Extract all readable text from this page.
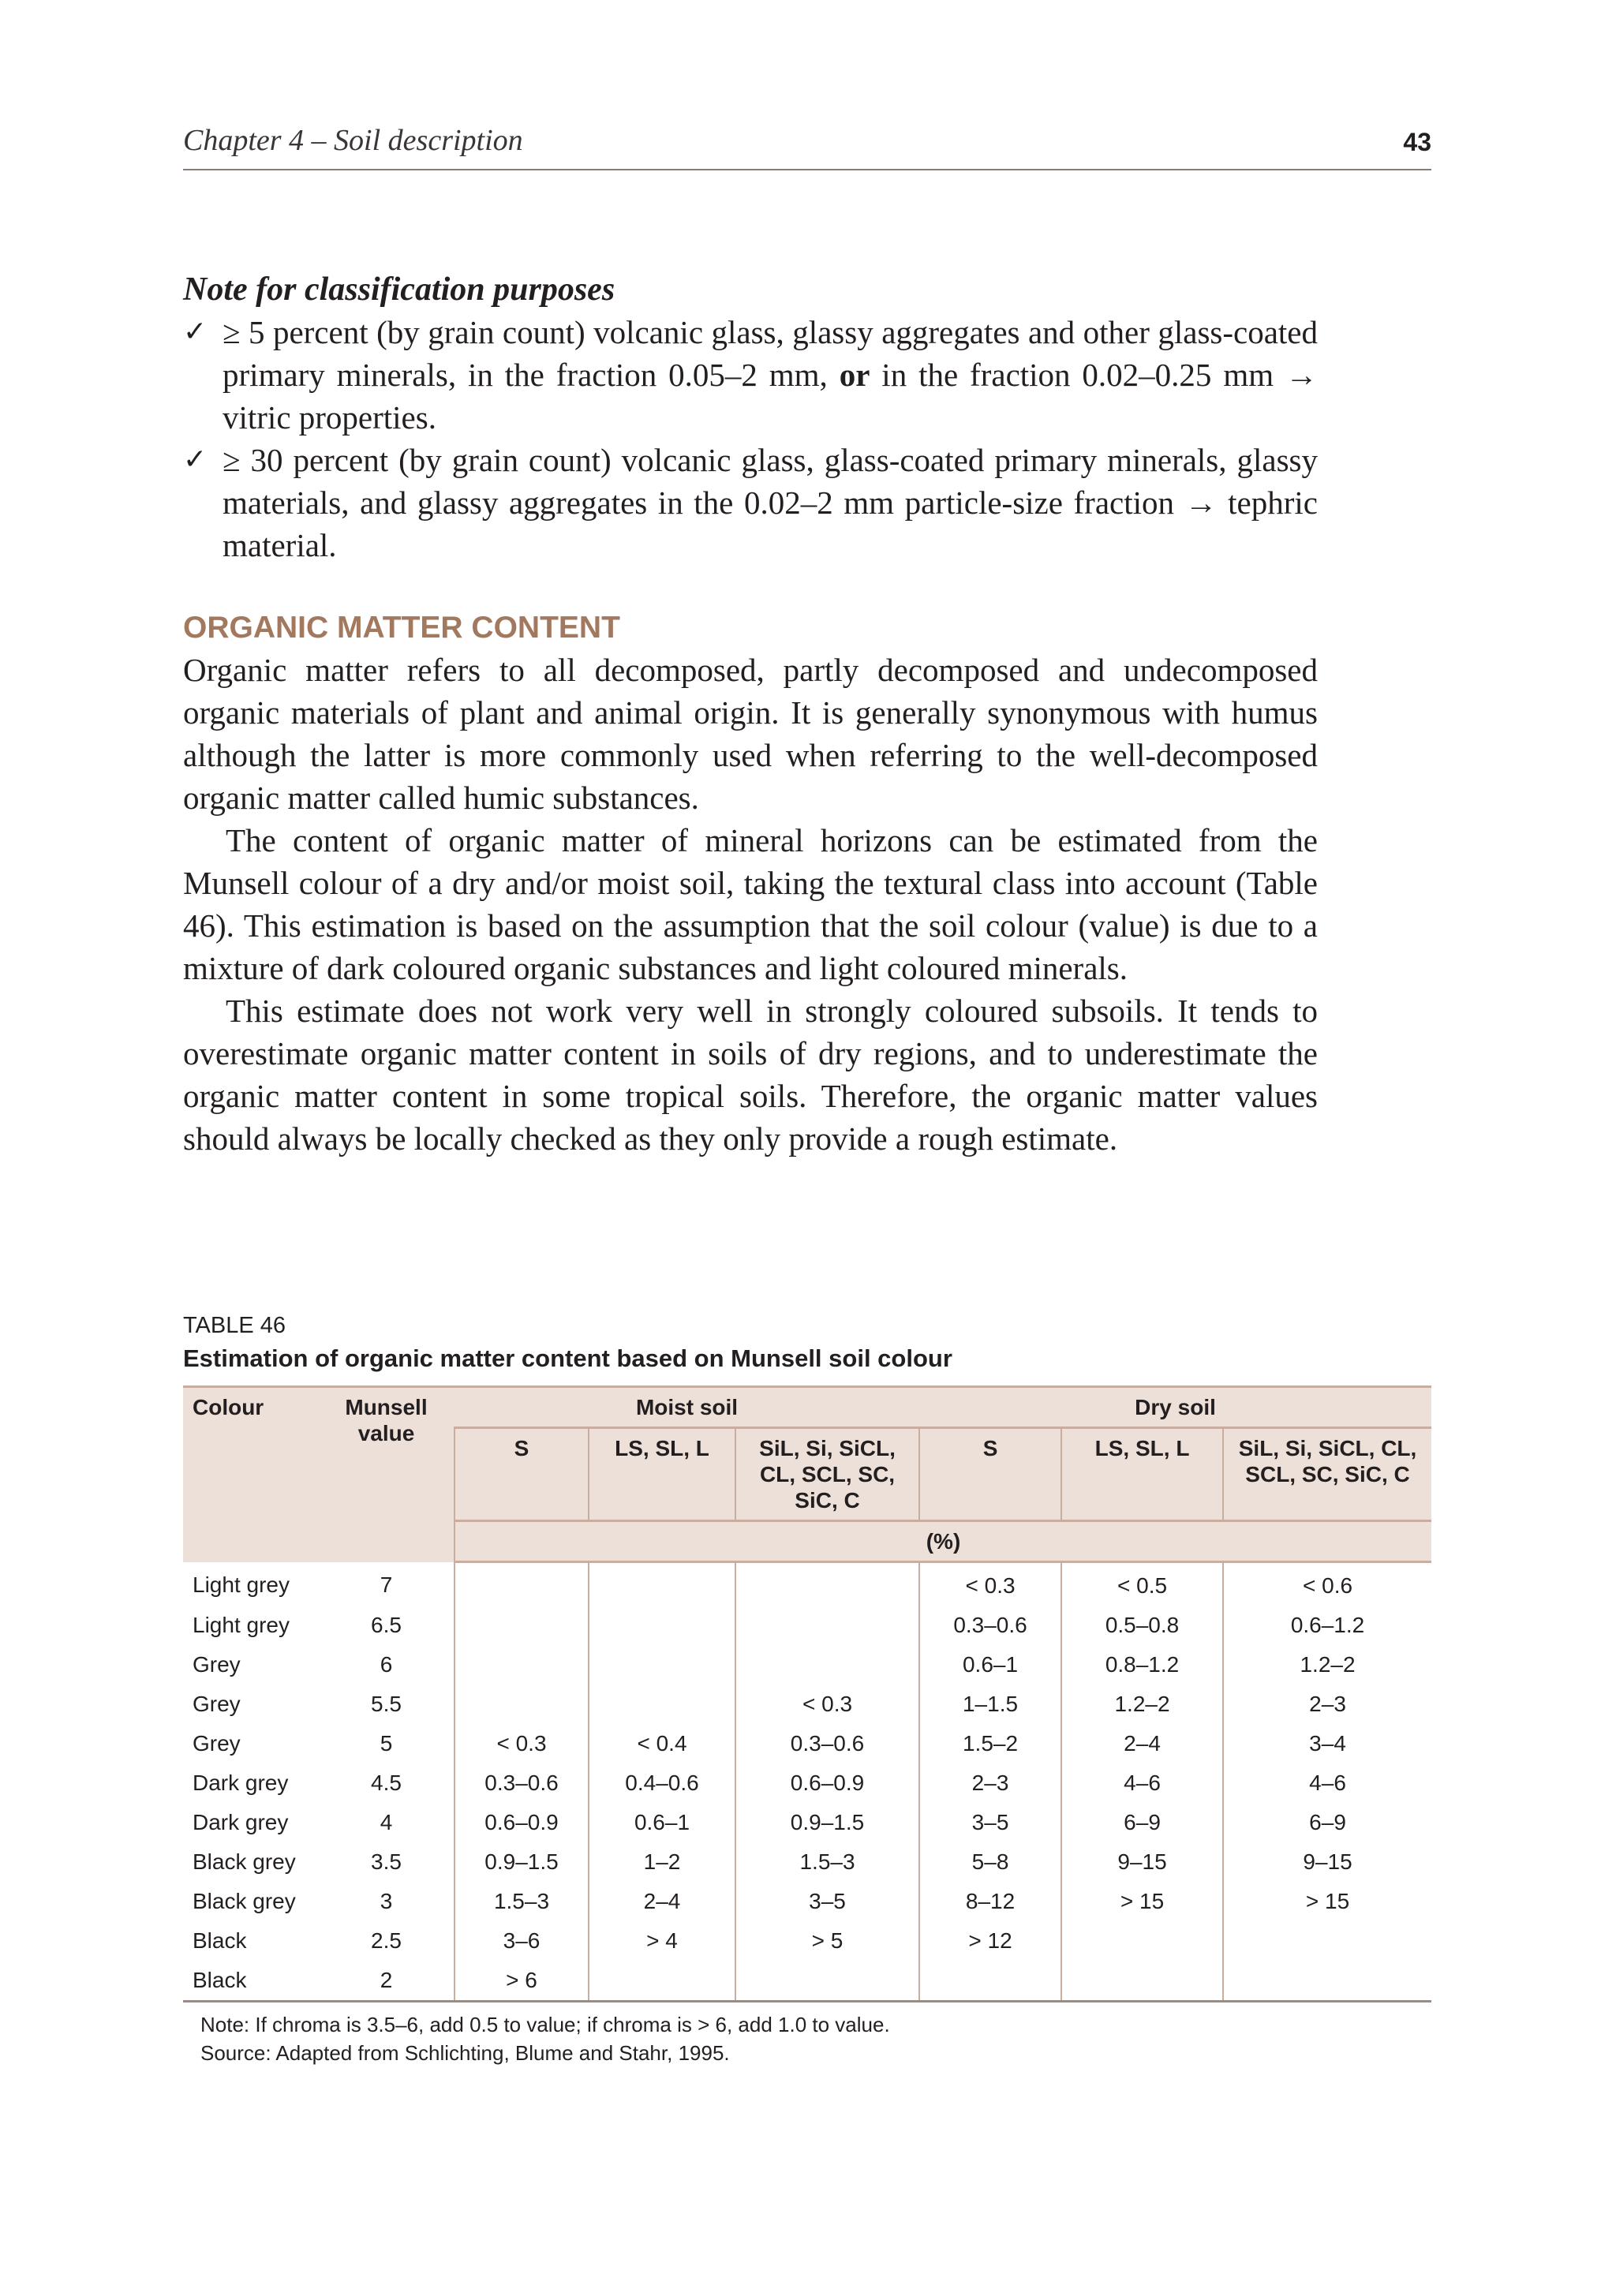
Chapter 4 – Soil description	43

Note for classification purposes

✓ ≥ 5 percent (by grain count) volcanic glass, glassy aggregates and other glass-coated primary minerals, in the fraction 0.05–2 mm, or in the fraction 0.02–0.25 mm → vitric properties.
✓ ≥ 30 percent (by grain count) volcanic glass, glass-coated primary minerals, glassy materials, and glassy aggregates in the 0.02–2 mm particle-size fraction → tephric material.
ORGANIC MATTER CONTENT

Organic matter refers to all decomposed, partly decomposed and undecomposed organic materials of plant and animal origin. It is generally synonymous with humus although the latter is more commonly used when referring to the well-decomposed organic matter called humic substances.

The content of organic matter of mineral horizons can be estimated from the Munsell colour of a dry and/or moist soil, taking the textural class into account (Table 46). This estimation is based on the assumption that the soil colour (value) is due to a mixture of dark coloured organic substances and light coloured minerals.

This estimate does not work very well in strongly coloured subsoils. It tends to overestimate organic matter content in soils of dry regions, and to underestimate the organic matter content in some tropical soils. Therefore, the organic matter values should always be locally checked as they only provide a rough estimate.

TABLE 46
Estimation of organic matter content based on Munsell soil colour
Colour	Munsell value	Moist soil			Dry soil		
		S	LS, SL, L	SiL, Si, SiCL, CL, SCL, SC, SiC, C	S	LS, SL, L	SiL, Si, SiCL, CL, SCL, SC, SiC, C
		(%)					
Light grey	7				< 0.3	< 0.5	< 0.6
Light grey	6.5				0.3–0.6	0.5–0.8	0.6–1.2
Grey	6				0.6–1	0.8–1.2	1.2–2
Grey	5.5			< 0.3	1–1.5	1.2–2	2–3
Grey	5	< 0.3	< 0.4	0.3–0.6	1.5–2	2–4	3–4
Dark grey	4.5	0.3–0.6	0.4–0.6	0.6–0.9	2–3	4–6	4–6
Dark grey	4	0.6–0.9	0.6–1	0.9–1.5	3–5	6–9	6–9
Black grey	3.5	0.9–1.5	1–2	1.5–3	5–8	9–15	9–15
Black grey	3	1.5–3	2–4	3–5	8–12	> 15	> 15
Black	2.5	3–6	> 4	> 5	> 12		
Black	2	> 6					
Note: If chroma is 3.5–6, add 0.5 to value; if chroma is > 6, add 1.0 to value.
Source: Adapted from Schlichting, Blume and Stahr, 1995.
